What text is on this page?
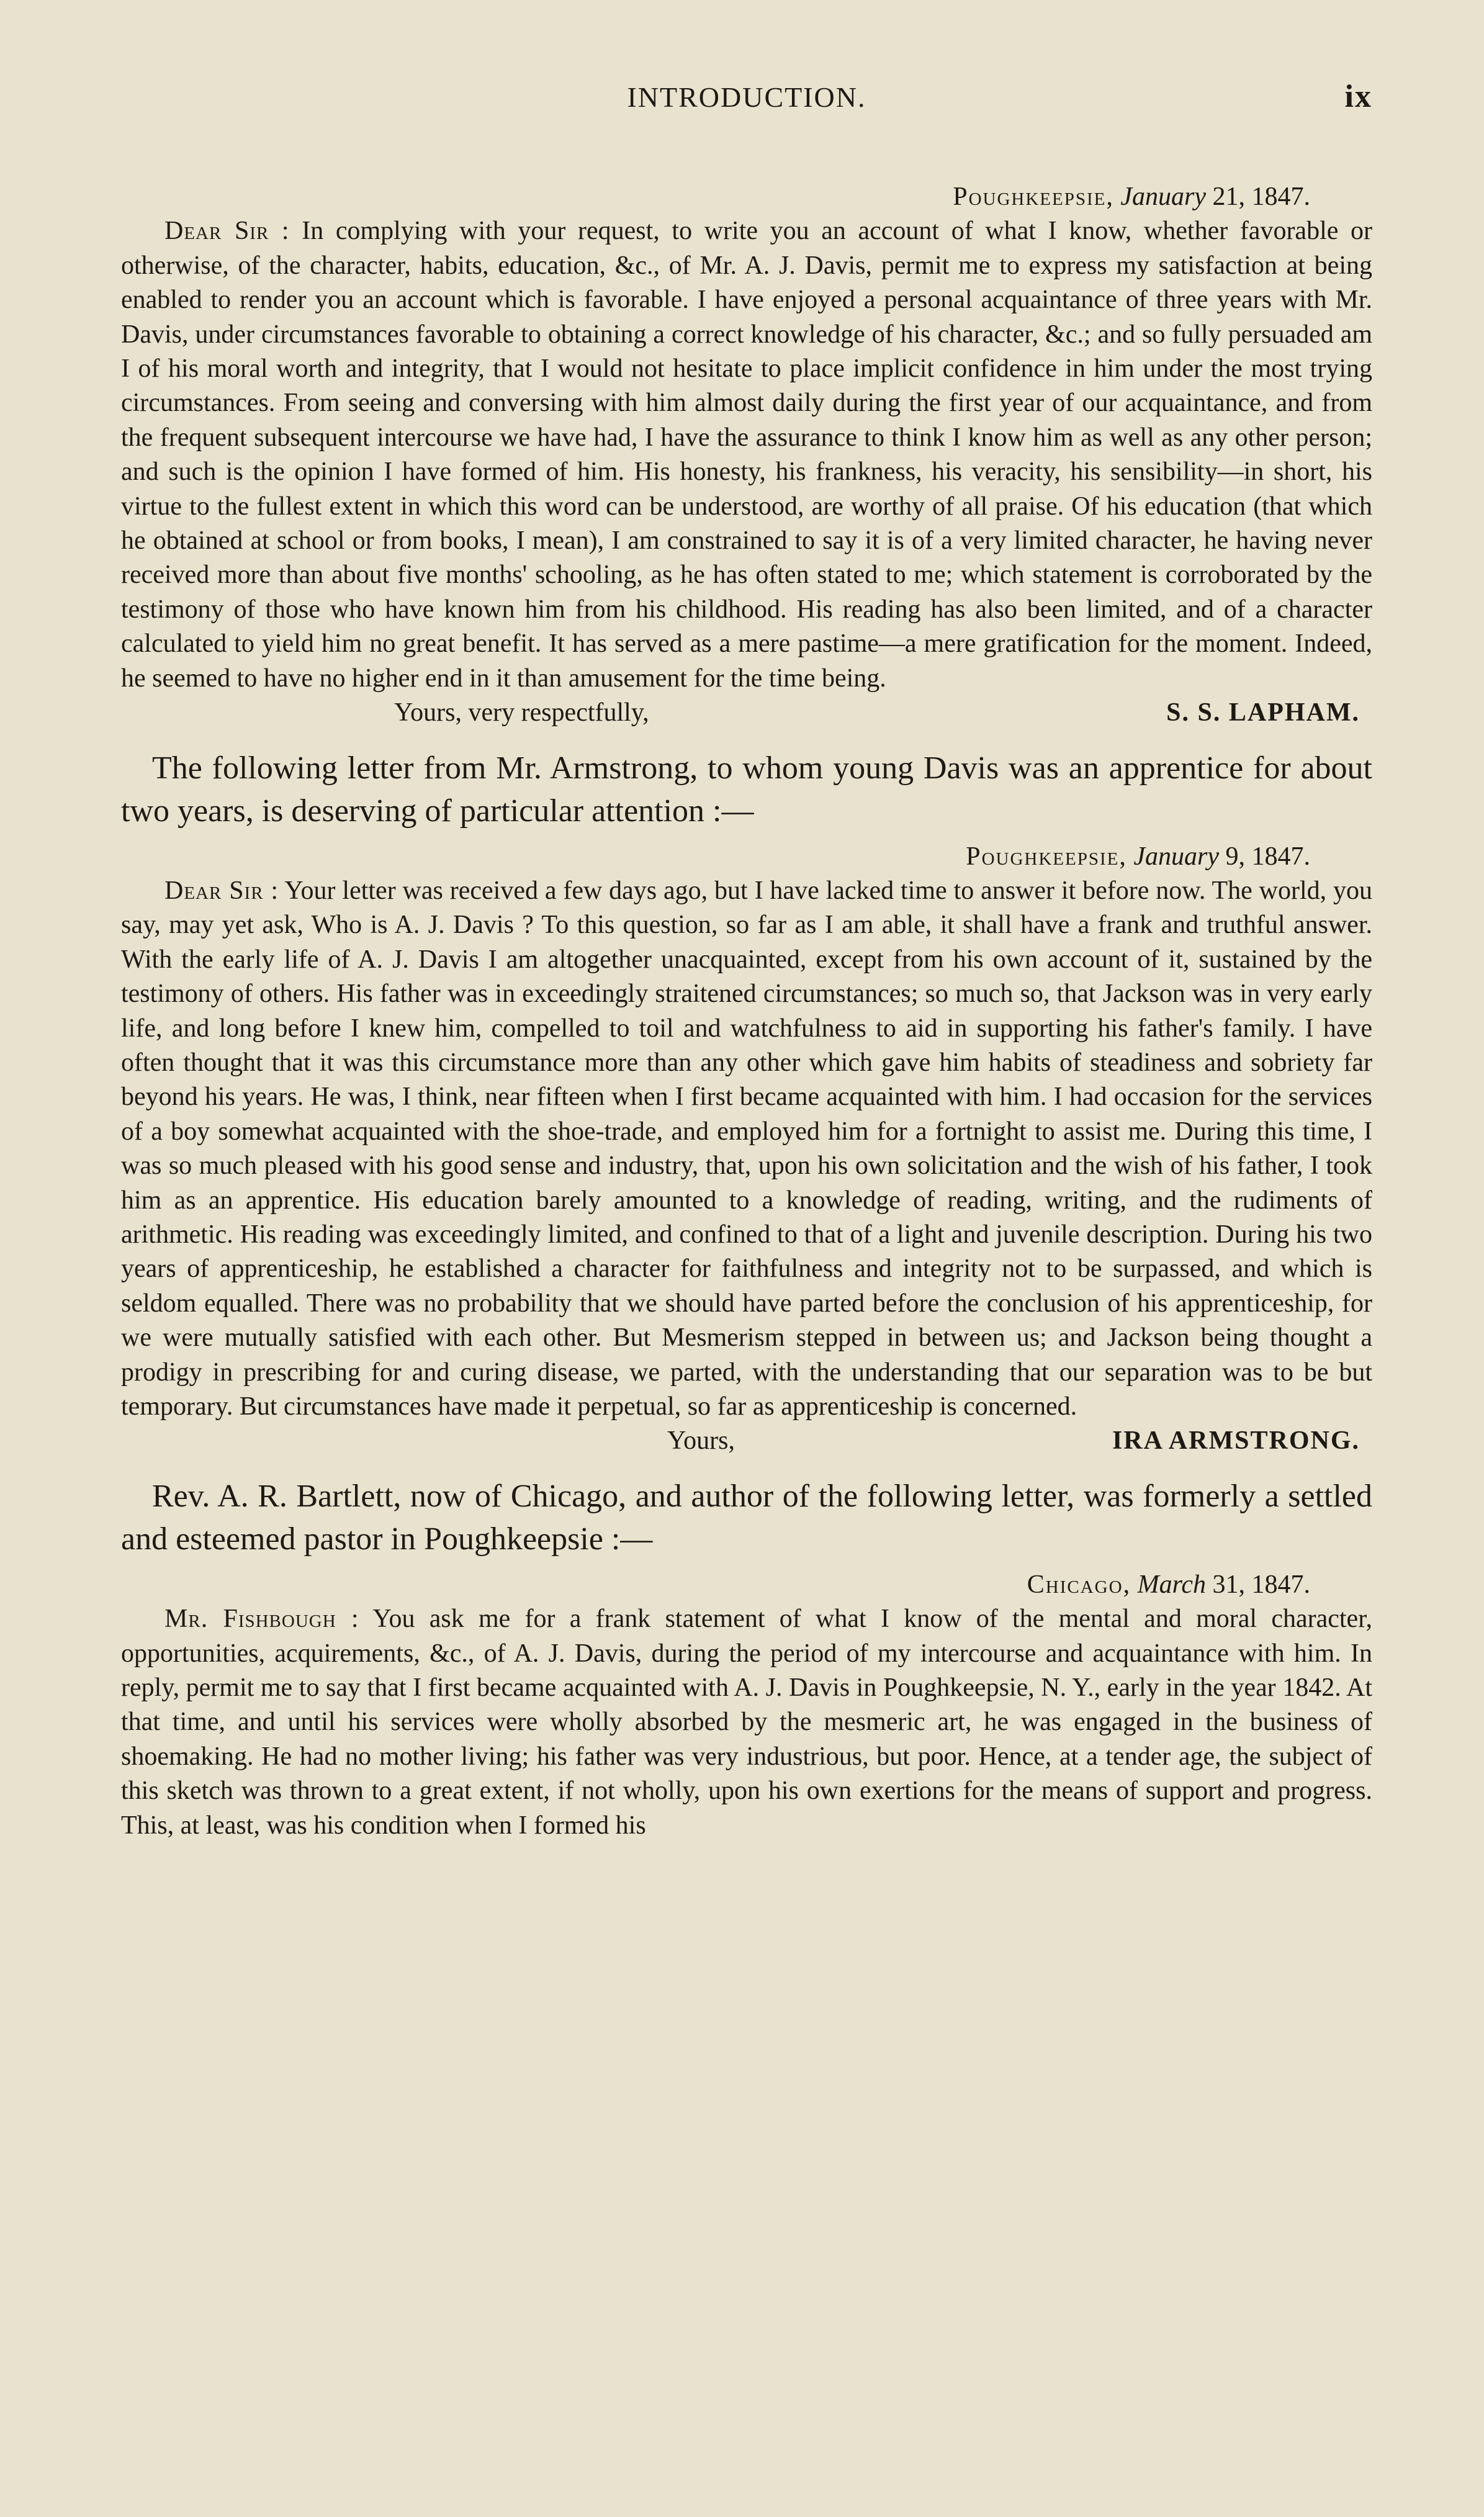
INTRODUCTION.	ix
Poughkeepsie, January 21, 1847.

Dear Sir : In complying with your request, to write you an account of what I know, whether favorable or otherwise, of the character, habits, education, &c., of Mr. A. J. Davis, permit me to express my satisfaction at being enabled to render you an account which is favorable. I have enjoyed a personal acquaintance of three years with Mr. Davis, under circumstances favorable to obtaining a correct knowledge of his character, &c.; and so fully persuaded am I of his moral worth and integrity, that I would not hesitate to place implicit confidence in him under the most trying circumstances. From seeing and conversing with him almost daily during the first year of our acquaintance, and from the frequent subsequent intercourse we have had, I have the assurance to think I know him as well as any other person; and such is the opinion I have formed of him. His honesty, his frankness, his veracity, his sensibility—in short, his virtue to the fullest extent in which this word can be understood, are worthy of all praise. Of his education (that which he obtained at school or from books, I mean), I am constrained to say it is of a very limited character, he having never received more than about five months' schooling, as he has often stated to me; which statement is corroborated by the testimony of those who have known him from his childhood. His reading has also been limited, and of a character calculated to yield him no great benefit. It has served as a mere pastime—a mere gratification for the moment. Indeed, he seemed to have no higher end in it than amusement for the time being.

Yours, very respectfully,	S. S. LAPHAM.

The following letter from Mr. Armstrong, to whom young Davis was an apprentice for about two years, is deserving of particular attention :—

Poughkeepsie, January 9, 1847.

Dear Sir : Your letter was received a few days ago, but I have lacked time to answer it before now. The world, you say, may yet ask, Who is A. J. Davis ? To this question, so far as I am able, it shall have a frank and truthful answer. With the early life of A. J. Davis I am altogether unacquainted, except from his own account of it, sustained by the testimony of others. His father was in exceedingly straitened circumstances; so much so, that Jackson was in very early life, and long before I knew him, compelled to toil and watchfulness to aid in supporting his father's family. I have often thought that it was this circumstance more than any other which gave him habits of steadiness and sobriety far beyond his years. He was, I think, near fifteen when I first became acquainted with him. I had occasion for the services of a boy somewhat acquainted with the shoe-trade, and employed him for a fortnight to assist me. During this time, I was so much pleased with his good sense and industry, that, upon his own solicitation and the wish of his father, I took him as an apprentice. His education barely amounted to a knowledge of reading, writing, and the rudiments of arithmetic. His reading was exceedingly limited, and confined to that of a light and juvenile description. During his two years of apprenticeship, he established a character for faithfulness and integrity not to be surpassed, and which is seldom equalled. There was no probability that we should have parted before the conclusion of his apprenticeship, for we were mutually satisfied with each other. But Mesmerism stepped in between us; and Jackson being thought a prodigy in prescribing for and curing disease, we parted, with the understanding that our separation was to be but temporary. But circumstances have made it perpetual, so far as apprenticeship is concerned.

Yours,	IRA ARMSTRONG.

Rev. A. R. Bartlett, now of Chicago, and author of the following letter, was formerly a settled and esteemed pastor in Poughkeepsie :—

Chicago, March 31, 1847.

Mr. Fishbough : You ask me for a frank statement of what I know of the mental and moral character, opportunities, acquirements, &c., of A. J. Davis, during the period of my intercourse and acquaintance with him. In reply, permit me to say that I first became acquainted with A. J. Davis in Poughkeepsie, N. Y., early in the year 1842. At that time, and until his services were wholly absorbed by the mesmeric art, he was engaged in the business of shoemaking. He had no mother living; his father was very industrious, but poor. Hence, at a tender age, the subject of this sketch was thrown to a great extent, if not wholly, upon his own exertions for the means of support and progress. This, at least, was his condition when I formed his
